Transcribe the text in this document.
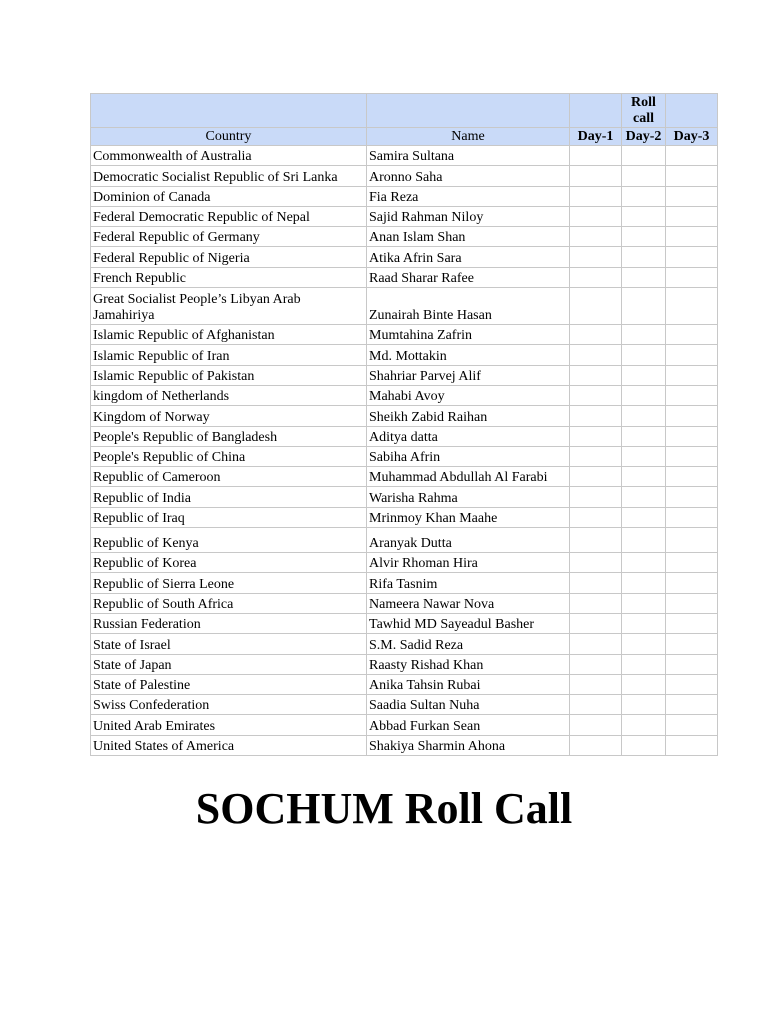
			Roll call	
Country	Name	Day-1	Day-2	Day-3
Commonwealth of Australia	Samira Sultana			
Democratic Socialist Republic of Sri Lanka	Aronno Saha			
Dominion of Canada	Fia Reza			
Federal Democratic Republic of Nepal	Sajid Rahman Niloy			
Federal Republic of Germany	Anan Islam Shan			
Federal Republic of Nigeria	Atika Afrin Sara			
French Republic	Raad Sharar Rafee			
Great Socialist People’s Libyan Arab Jamahiriya	Zunairah Binte Hasan			
Islamic Republic of Afghanistan	Mumtahina Zafrin			
Islamic Republic of Iran	Md. Mottakin			
Islamic Republic of Pakistan	Shahriar Parvej Alif			
kingdom of Netherlands	Mahabi Avoy			
Kingdom of Norway	Sheikh Zabid Raihan			
People's Republic of Bangladesh	Aditya datta			
People's Republic of China	Sabiha Afrin			
Republic of Cameroon	Muhammad Abdullah Al Farabi			
Republic of India	Warisha Rahma			
Republic of Iraq	Mrinmoy Khan Maahe			
Republic of Kenya	Aranyak Dutta			
Republic of Korea	Alvir Rhoman Hira			
Republic of Sierra Leone	Rifa Tasnim			
Republic of South Africa	Nameera Nawar Nova			
Russian Federation	Tawhid MD Sayeadul Basher			
State of Israel	S.M. Sadid Reza			
State of Japan	Raasty Rishad Khan			
State of Palestine	Anika Tahsin Rubai			
Swiss Confederation	Saadia Sultan Nuha			
United Arab Emirates	Abbad Furkan Sean			
United States of America	Shakiya Sharmin Ahona			
SOCHUM Roll Call
